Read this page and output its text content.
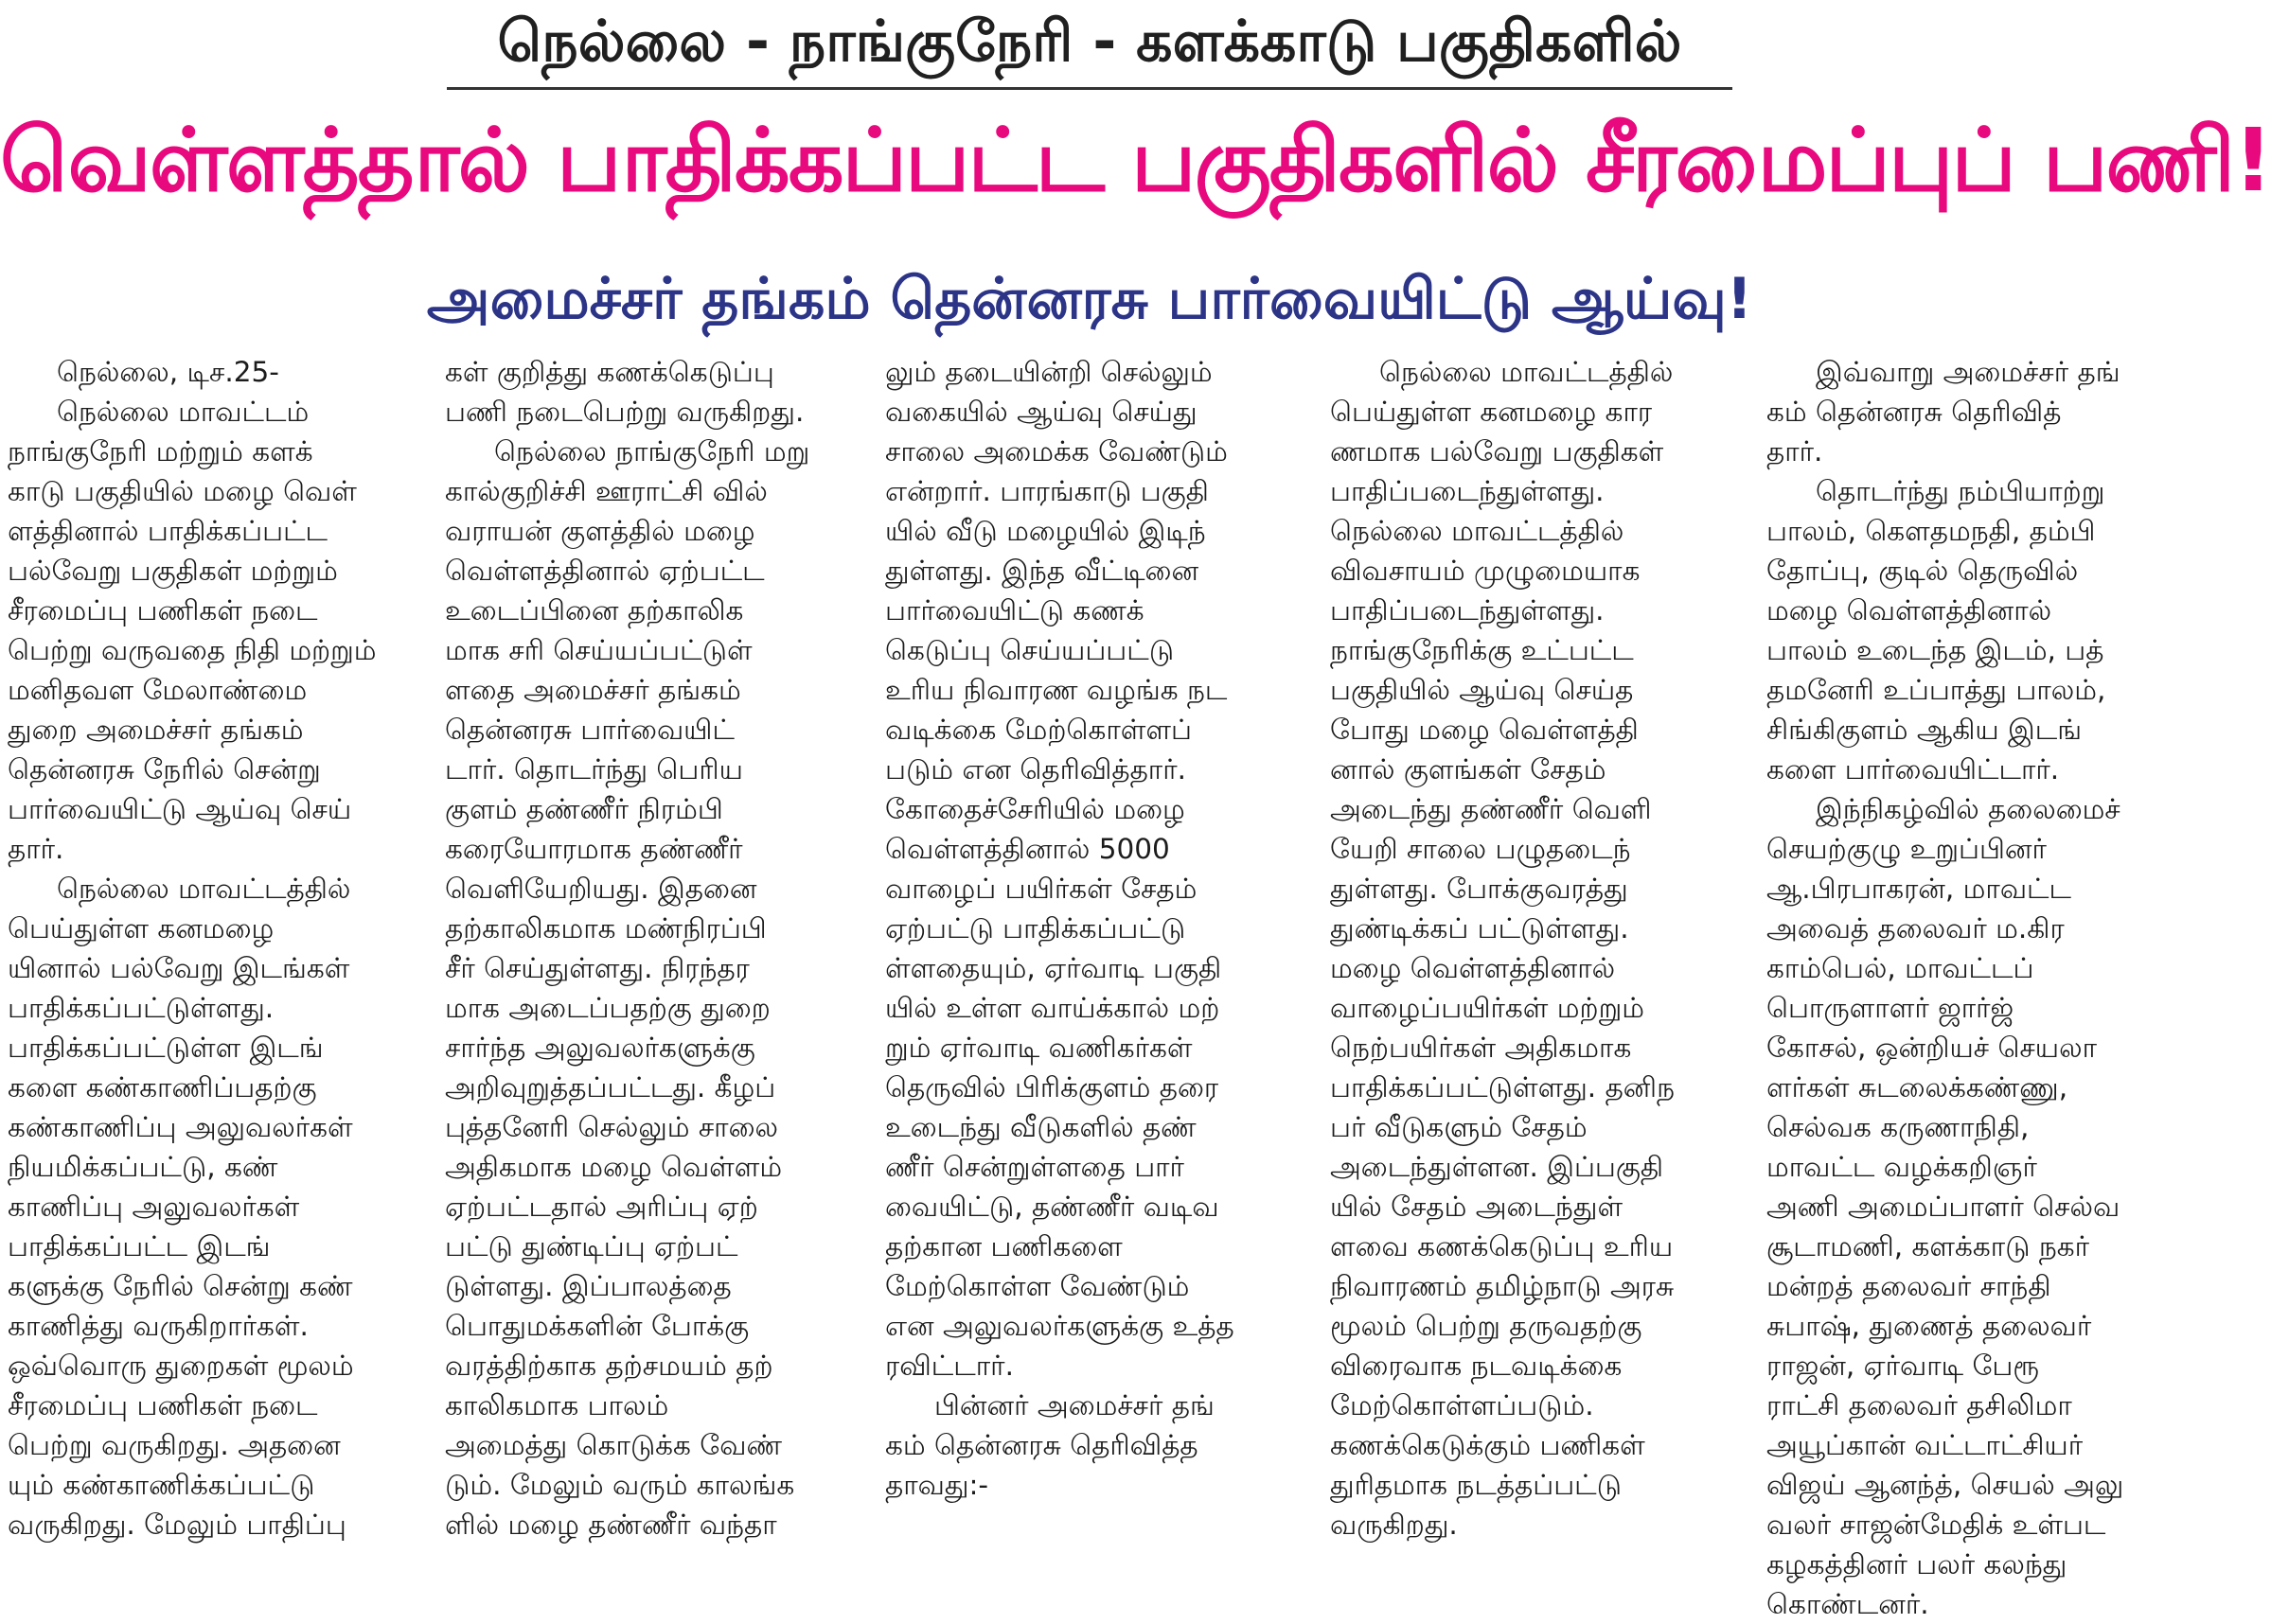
நெல்லை - நாங்குநேரி - களக்காடு பகுதிகளில்
வெள்ளத்தால் பாதிக்கப்பட்ட பகுதிகளில் சீரமைப்புப் பணி!
அமைச்சர் தங்கம் தென்னரசு பார்வையிட்டு ஆய்வு!
நெல்லை, டிச.25-
நெல்லை மாவட்டம்
நாங்குநேரி மற்றும் களக்
காடு பகுதியில் மழை வெள்
ளத்தினால் பாதிக்கப்பட்ட
பல்வேறு பகுதிகள் மற்றும்
சீரமைப்பு பணிகள் நடை
பெற்று வருவதை நிதி மற்றும்
மனிதவள மேலாண்மை
துறை அமைச்சர் தங்கம்
தென்னரசு நேரில் சென்று
பார்வையிட்டு ஆய்வு செய்
தார்.
நெல்லை மாவட்டத்தில்
பெய்துள்ள கனமழை
யினால் பல்வேறு இடங்கள்
பாதிக்கப்பட்டுள்ளது.
பாதிக்கப்பட்டுள்ள இடங்
களை கண்காணிப்பதற்கு
கண்காணிப்பு அலுவலர்கள்
நியமிக்கப்பட்டு, கண்
காணிப்பு அலுவலர்கள்
பாதிக்கப்பட்ட இடங்
களுக்கு நேரில் சென்று கண்
காணித்து வருகிறார்கள்.
ஒவ்வொரு துறைகள் மூலம்
சீரமைப்பு பணிகள் நடை
பெற்று வருகிறது. அதனை
யும் கண்காணிக்கப்பட்டு
வருகிறது. மேலும் பாதிப்பு
கள் குறித்து கணக்கெடுப்பு
பணி நடைபெற்று வருகிறது.
நெல்லை நாங்குநேரி மறு
கால்குறிச்சி ஊராட்சி வில்
வராயன் குளத்தில் மழை
வெள்ளத்தினால் ஏற்பட்ட
உடைப்பினை தற்காலிக
மாக சரி செய்யப்பட்டுள்
ளதை அமைச்சர் தங்கம்
தென்னரசு பார்வையிட்
டார். தொடர்ந்து பெரிய
குளம் தண்ணீர் நிரம்பி
கரையோரமாக தண்ணீர்
வெளியேறியது. இதனை
தற்காலிகமாக மண்நிரப்பி
சீர் செய்துள்ளது. நிரந்தர
மாக அடைப்பதற்கு துறை
சார்ந்த அலுவலர்களுக்கு
அறிவுறுத்தப்பட்டது. கீழப்
புத்தனேரி செல்லும் சாலை
அதிகமாக மழை வெள்ளம்
ஏற்பட்டதால் அரிப்பு ஏற்
பட்டு துண்டிப்பு ஏற்பட்
டுள்ளது. இப்பாலத்தை
பொதுமக்களின் போக்கு
வரத்திற்காக தற்சமயம் தற்
காலிகமாக பாலம்
அமைத்து கொடுக்க வேண்
டும். மேலும் வரும் காலங்க
ளில் மழை தண்ணீர் வந்தா
லும் தடையின்றி செல்லும்
வகையில் ஆய்வு செய்து
சாலை அமைக்க வேண்டும்
என்றார். பாரங்காடு பகுதி
யில் வீடு மழையில் இடிந்
துள்ளது. இந்த வீட்டினை
பார்வையிட்டு கணக்
கெடுப்பு செய்யப்பட்டு
உரிய நிவாரண வழங்க நட
வடிக்கை மேற்கொள்ளப்
படும் என தெரிவித்தார்.
கோதைச்சேரியில் மழை
வெள்ளத்தினால் 5000
வாழைப் பயிர்கள் சேதம்
ஏற்பட்டு பாதிக்கப்பட்டு
ள்ளதையும், ஏர்வாடி பகுதி
யில் உள்ள வாய்க்கால் மற்
றும் ஏர்வாடி வணிகர்கள்
தெருவில் பிரிக்குளம் தரை
உடைந்து வீடுகளில் தண்
ணீர் சென்றுள்ளதை பார்
வையிட்டு, தண்ணீர் வடிவ
தற்கான பணிகளை
மேற்கொள்ள வேண்டும்
என அலுவலர்களுக்கு உத்த
ரவிட்டார்.
பின்னர் அமைச்சர் தங்
கம் தென்னரசு தெரிவித்த
தாவது:-
நெல்லை மாவட்டத்தில்
பெய்துள்ள கனமழை கார
ணமாக பல்வேறு பகுதிகள்
பாதிப்படைந்துள்ளது.
நெல்லை மாவட்டத்தில்
விவசாயம் முழுமையாக
பாதிப்படைந்துள்ளது.
நாங்குநேரிக்கு உட்பட்ட
பகுதியில் ஆய்வு செய்த
போது மழை வெள்ளத்தி
னால் குளங்கள் சேதம்
அடைந்து தண்ணீர் வெளி
யேறி சாலை பழுதடைந்
துள்ளது. போக்குவரத்து
துண்டிக்கப் பட்டுள்ளது.
மழை வெள்ளத்தினால்
வாழைப்பயிர்கள் மற்றும்
நெற்பயிர்கள் அதிகமாக
பாதிக்கப்பட்டுள்ளது. தனிந
பர் வீடுகளும் சேதம்
அடைந்துள்ளன. இப்பகுதி
யில் சேதம் அடைந்துள்
ளவை கணக்கெடுப்பு உரிய
நிவாரணம் தமிழ்நாடு அரசு
மூலம் பெற்று தருவதற்கு
விரைவாக நடவடிக்கை
மேற்கொள்ளப்படும்.
கணக்கெடுக்கும் பணிகள்
துரிதமாக நடத்தப்பட்டு
வருகிறது.
இவ்வாறு அமைச்சர் தங்
கம் தென்னரசு தெரிவித்
தார்.
தொடர்ந்து நம்பியாற்று
பாலம், கௌதமநதி, தம்பி
தோப்பு, குடில் தெருவில்
மழை வெள்ளத்தினால்
பாலம் உடைந்த இடம், பத்
தமனேரி உப்பாத்து பாலம்,
சிங்கிகுளம் ஆகிய இடங்
களை பார்வையிட்டார்.
இந்நிகழ்வில் தலைமைச்
செயற்குழு உறுப்பினர்
ஆ.பிரபாகரன், மாவட்ட
அவைத் தலைவர் ம.கிர
காம்பெல், மாவட்டப்
பொருளாளர் ஜார்ஜ்
கோசல், ஒன்றியச் செயலா
ளர்கள் சுடலைக்கண்ணு,
செல்வக கருணாநிதி,
மாவட்ட வழக்கறிஞர்
அணி அமைப்பாளர் செல்வ
சூடாமணி, களக்காடு நகர்
மன்றத் தலைவர் சாந்தி
சுபாஷ், துணைத் தலைவர்
ராஜன், ஏர்வாடி பேரூ
ராட்சி தலைவர் தசிலிமா
அயூப்கான் வட்டாட்சியர்
விஜய் ஆனந்த், செயல் அலு
வலர் சாஜன்மேதிக் உள்பட
கழகத்தினர் பலர் கலந்து
கொண்டனர்.
